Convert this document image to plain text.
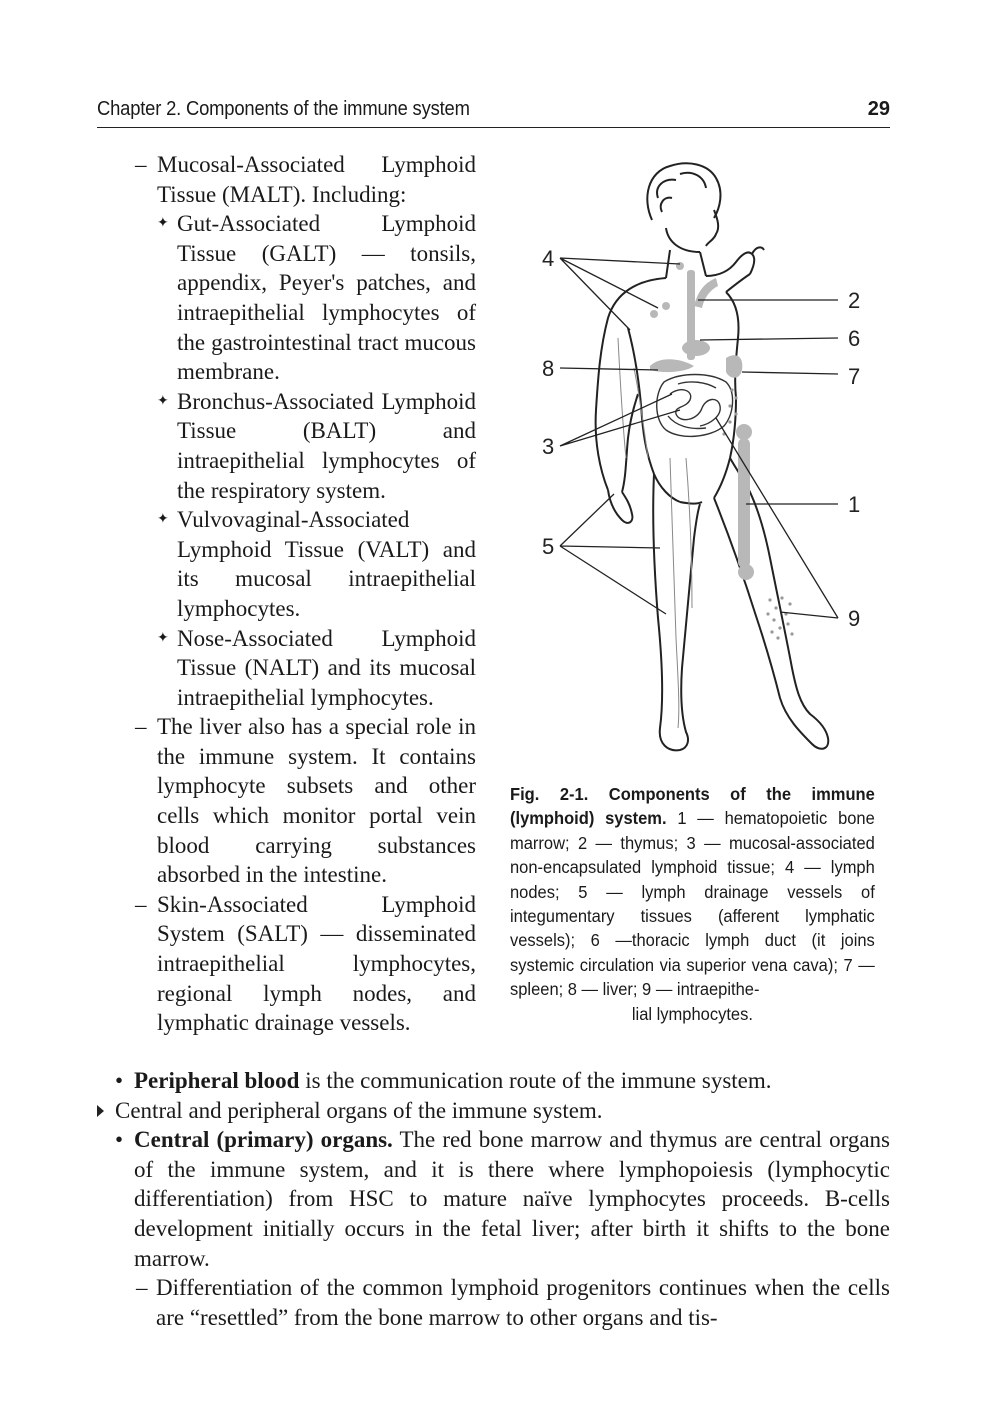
Chapter 2. Components of the immune system	29
– Mucosal-Associated Lymphoid Tissue (MALT). Including:

✦

Gut-Associated Lymphoid Tissue (GALT) — tonsils, appendix, Peyer's patches, and intraepithelial lymphocytes of the gastrointestinal tract mucous membrane.

✦

Bronchus-Associated Lymphoid Tissue (BALT) and intraepithelial lymphocytes of the respiratory system.

✦

Vulvovaginal-Associated Lymphoid Tissue (VALT) and its mucosal intraepithelial lymphocytes.

✦

Nose-Associated Lymphoid Tissue (NALT) and its mucosal intraepithelial lymphocytes.

– The liver also has a special role in the immune system. It contains lymphocyte subsets and other cells which monitor portal vein blood carrying substances absorbed in the intestine.

– Skin-Associated Lymphoid System (SALT) — disseminated intraepithelial lymphocytes, regional lymph nodes, and lymphatic drainage vessels.

4
8
3
5
2
6
7
1
9
Fig. 2-1. Components of the immune (lymphoid) system. 1 — hematopoietic bone marrow; 2 — thymus; 3 — mucosal-associated non-encapsulated lymphoid tissue; 4 — lymph nodes; 5 — lymph drainage vessels of integumentary tissues (afferent lymphatic vessels); 6 —thoracic lymph duct (it joins systemic circulation via superior vena cava); 7 — spleen; 8 — liver; 9 — intraepithe-
lial lymphocytes.
• Peripheral blood is the communication route of the immune system.
Central and peripheral organs of the immune system.
• Central (primary) organs. The red bone marrow and thymus are central organs of the immune system, and it is there where lymphopoiesis (lymphocytic differentiation) from HSC to mature naïve lymphocytes proceeds. B-cells development initially occurs in the fetal liver; after birth it shifts to the bone marrow.
– Differentiation of the common lymphoid progenitors continues when the cells are “resettled” from the bone marrow to other organs and tis-
